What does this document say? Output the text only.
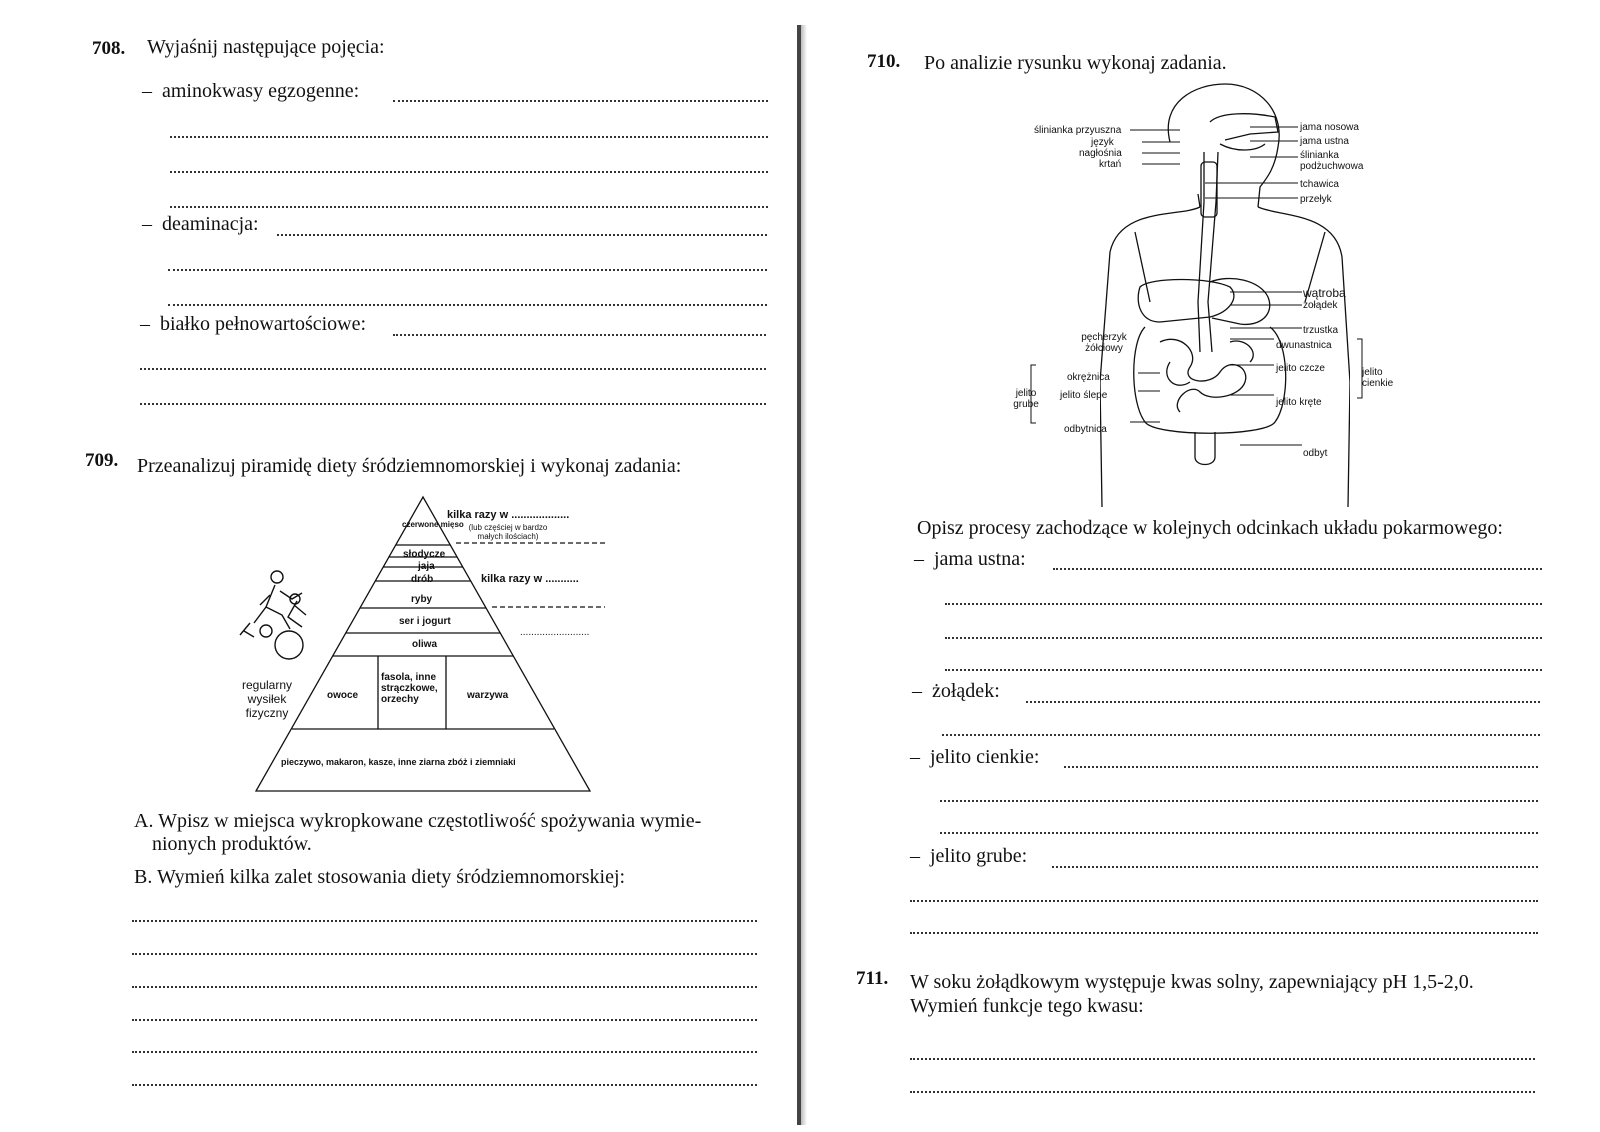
708. Wyjaśnij następujące pojęcia:
–  aminokwasy egzogenne:
–  deaminacja:
–  białko pełnowartościowe:
709. Przeanalizuj piramidę diety śródziemnomorskiej i wykonaj zadania:
czerwone mięso
słodycze
jaja
drób
ryby
ser i jogurt
oliwa
owoce
fasola, inne strączkowe, orzechy	warzywa
pieczywo, makaron, kasze, inne ziarna zbóż i ziemniaki
kilka razy w ...................
(lub częściej w bardzo małych ilościach)
kilka razy w ...........
.........................
regularny wysiłek fizyczny
A. Wpisz w miejsca wykropkowane częstotliwość spożywania wymie-
nionych produktów.
B. Wymień kilka zalet stosowania diety śródziemnomorskiej:
710. Po analizie rysunku wykonaj zadania.
ślinianka przyuszna
język
nagłośnia
krtań
pęcherzyk żółciowy
okrężnica
jelito ślepe
jelito grube
odbytnica
jama nosowa
jama ustna
ślinianka podżuchwowa
tchawica
przełyk
wątroba
żołądek
trzustka
dwunastnica
jelito czcze
jelito kręte
jelito cienkie
odbyt
Opisz procesy zachodzące w kolejnych odcinkach układu pokarmowego:
–  jama ustna:
–  żołądek:
–  jelito cienkie:
–  jelito grube:
711. W soku żołądkowym występuje kwas solny, zapewniający pH 1,5-2,0.
Wymień funkcje tego kwasu:
